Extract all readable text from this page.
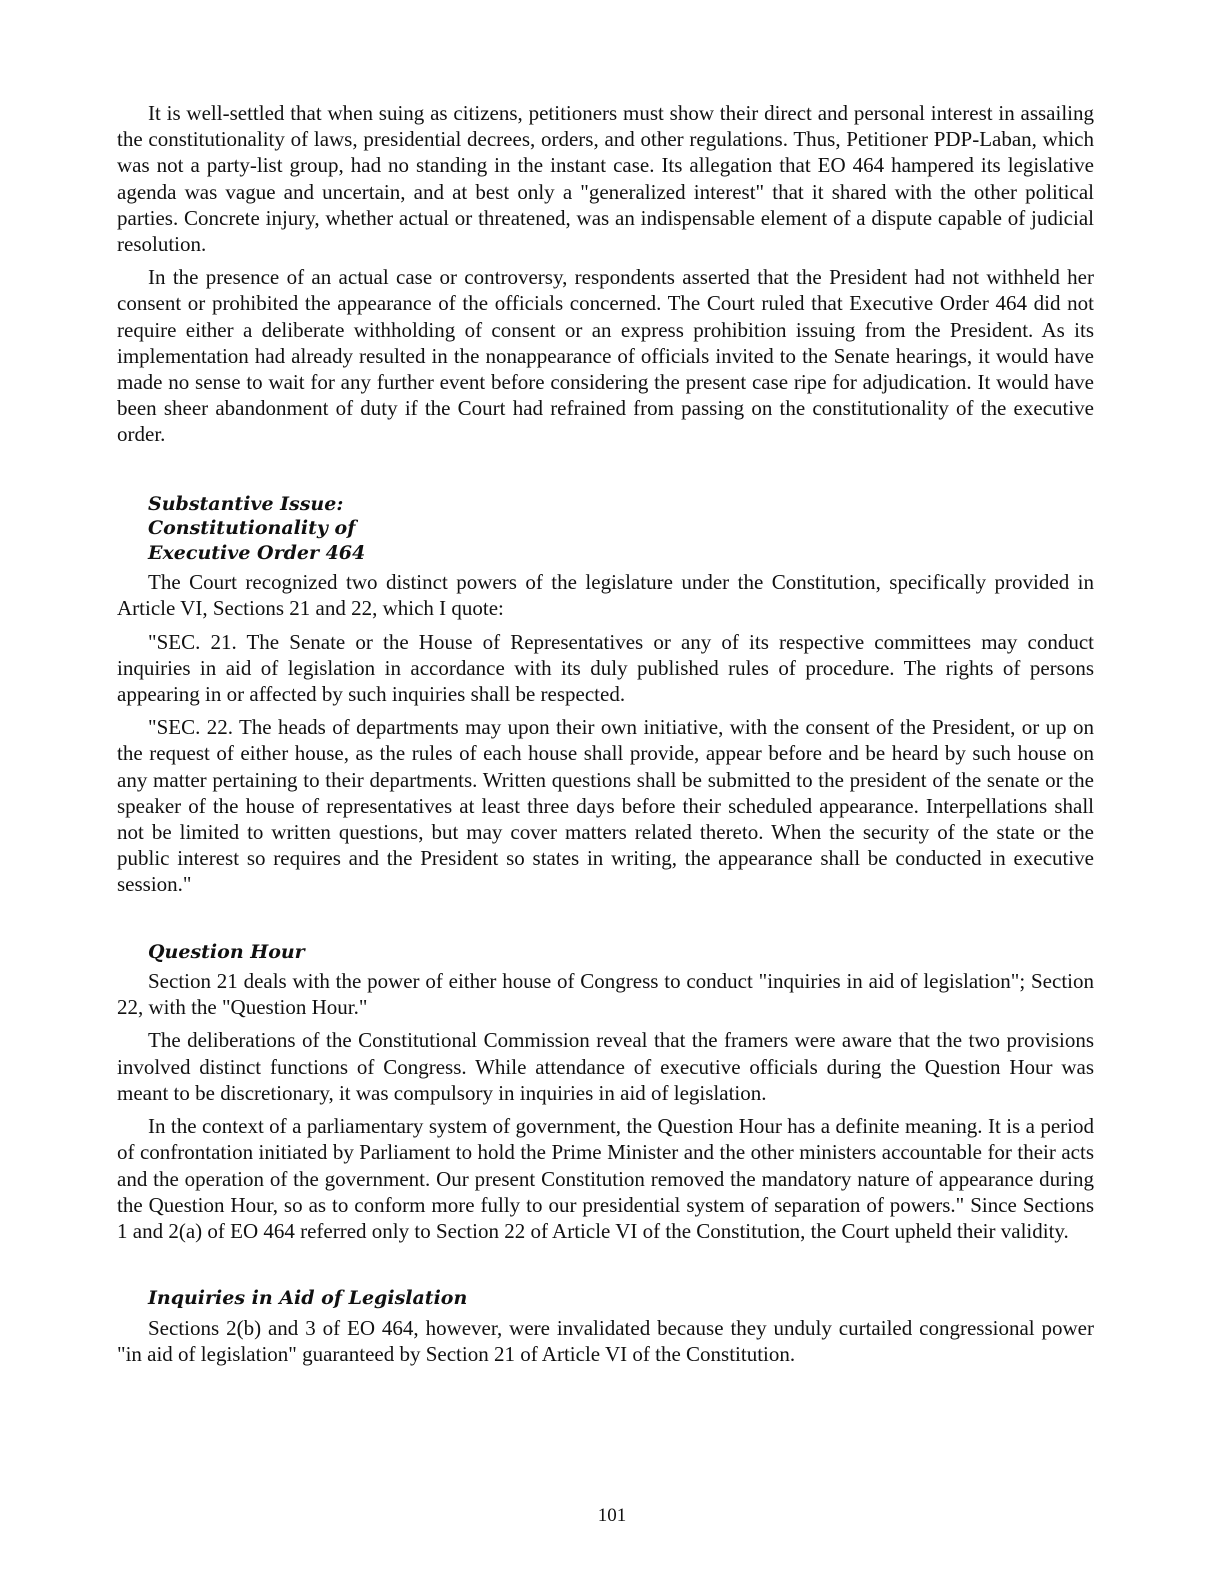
It is well-settled that when suing as citizens, petitioners must show their direct and personal interest in assailing the constitutionality of laws, presidential decrees, orders, and other regulations. Thus, Petitioner PDP-Laban, which was not a party-list group, had no standing in the instant case. Its allegation that EO 464 hampered its legislative agenda was vague and uncertain, and at best only a "generalized interest" that it shared with the other political parties. Concrete injury, whether actual or threatened, was an indispensable element of a dispute capable of judicial resolution.

In the presence of an actual case or controversy, respondents asserted that the President had not withheld her consent or prohibited the appearance of the officials concerned. The Court ruled that Executive Order 464 did not require either a deliberate withholding of consent or an express prohibition issuing from the President. As its implementation had already resulted in the nonappearance of officials invited to the Senate hearings, it would have made no sense to wait for any further event before considering the present case ripe for adjudication. It would have been sheer abandonment of duty if the Court had refrained from passing on the constitutionality of the executive order.

Substantive Issue:
Constitutionality of
Executive Order 464

The Court recognized two distinct powers of the legislature under the Constitution, specifically provided in Article VI, Sections 21 and 22, which I quote:

"SEC. 21. The Senate or the House of Representatives or any of its respective committees may conduct inquiries in aid of legislation in accordance with its duly published rules of procedure. The rights of persons appearing in or affected by such inquiries shall be respected.

"SEC. 22. The heads of departments may upon their own initiative, with the consent of the President, or up on the request of either house, as the rules of each house shall provide, appear before and be heard by such house on any matter pertaining to their departments. Written questions shall be submitted to the president of the senate or the speaker of the house of representatives at least three days before their scheduled appearance. Interpellations shall not be limited to written questions, but may cover matters related thereto. When the security of the state or the public interest so requires and the President so states in writing, the appearance shall be conducted in executive session."

Question Hour

Section 21 deals with the power of either house of Congress to conduct "inquiries in aid of legislation"; Section 22, with the "Question Hour."

The deliberations of the Constitutional Commission reveal that the framers were aware that the two provisions involved distinct functions of Congress. While attendance of executive officials during the Question Hour was meant to be discretionary, it was compulsory in inquiries in aid of legislation.

In the context of a parliamentary system of government, the Question Hour has a definite meaning. It is a period of confrontation initiated by Parliament to hold the Prime Minister and the other ministers accountable for their acts and the operation of the government. Our present Constitution removed the mandatory nature of appearance during the Question Hour, so as to conform more fully to our presidential system of separation of powers." Since Sections 1 and 2(a) of EO 464 referred only to Section 22 of Article VI of the Constitution, the Court upheld their validity.

Inquiries in Aid of Legislation

Sections 2(b) and 3 of EO 464, however, were invalidated because they unduly curtailed congressional power "in aid of legislation" guaranteed by Section 21 of Article VI of the Constitution.

101
